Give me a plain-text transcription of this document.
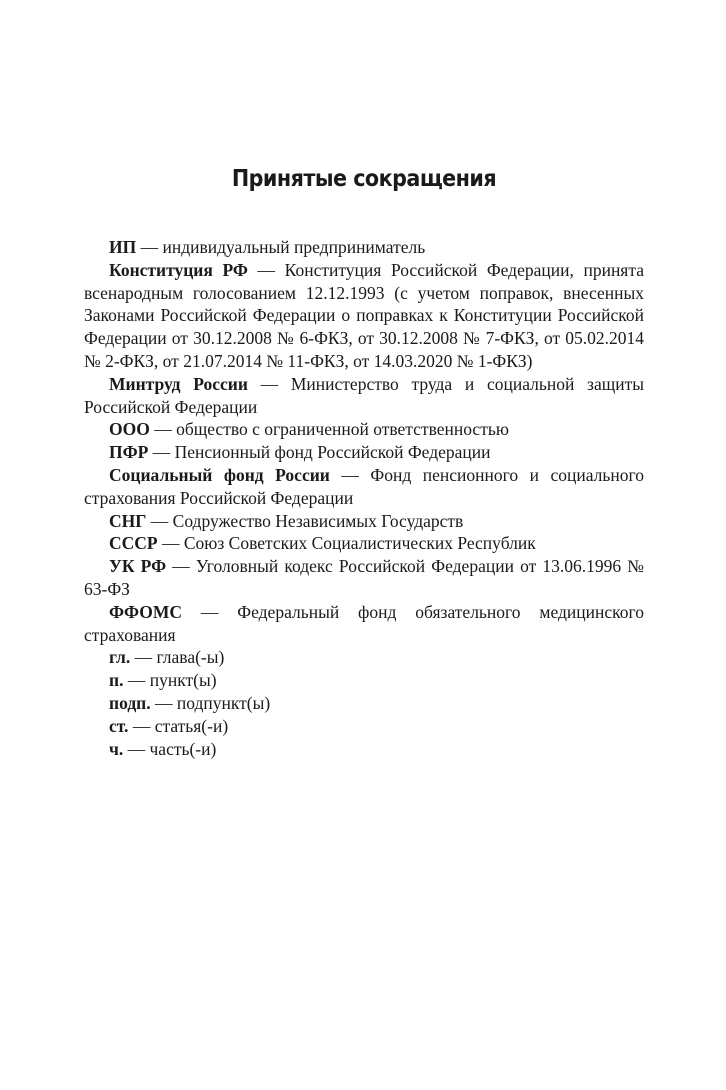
Принятые сокращения

ИП — индивидуальный предприниматель

Конституция РФ — Конституция Российской Федерации, принята всенародным голосованием 12.12.1993 (с учетом поправок, внесенных Законами Российской Федерации о поправках к Конституции Российской Федерации от 30.12.2008 № 6-ФКЗ, от 30.12.2008 № 7-ФКЗ, от 05.02.2014 № 2-ФКЗ, от 21.07.2014 № 11-ФКЗ, от 14.03.2020 № 1-ФКЗ)

Минтруд России — Министерство труда и социальной защиты Российской Федерации

ООО — общество с ограниченной ответственностью

ПФР — Пенсионный фонд Российской Федерации

Социальный фонд России — Фонд пенсионного и социального страхования Российской Федерации

СНГ — Содружество Независимых Государств

СССР — Союз Советских Социалистических Республик

УК РФ — Уголовный кодекс Российской Федерации от 13.06.1996 № 63-ФЗ

ФФОМС — Федеральный фонд обязательного медицинского страхования

гл. — глава(-ы)

п. — пункт(ы)

подп. — подпункт(ы)

ст. — статья(-и)

ч. — часть(-и)
